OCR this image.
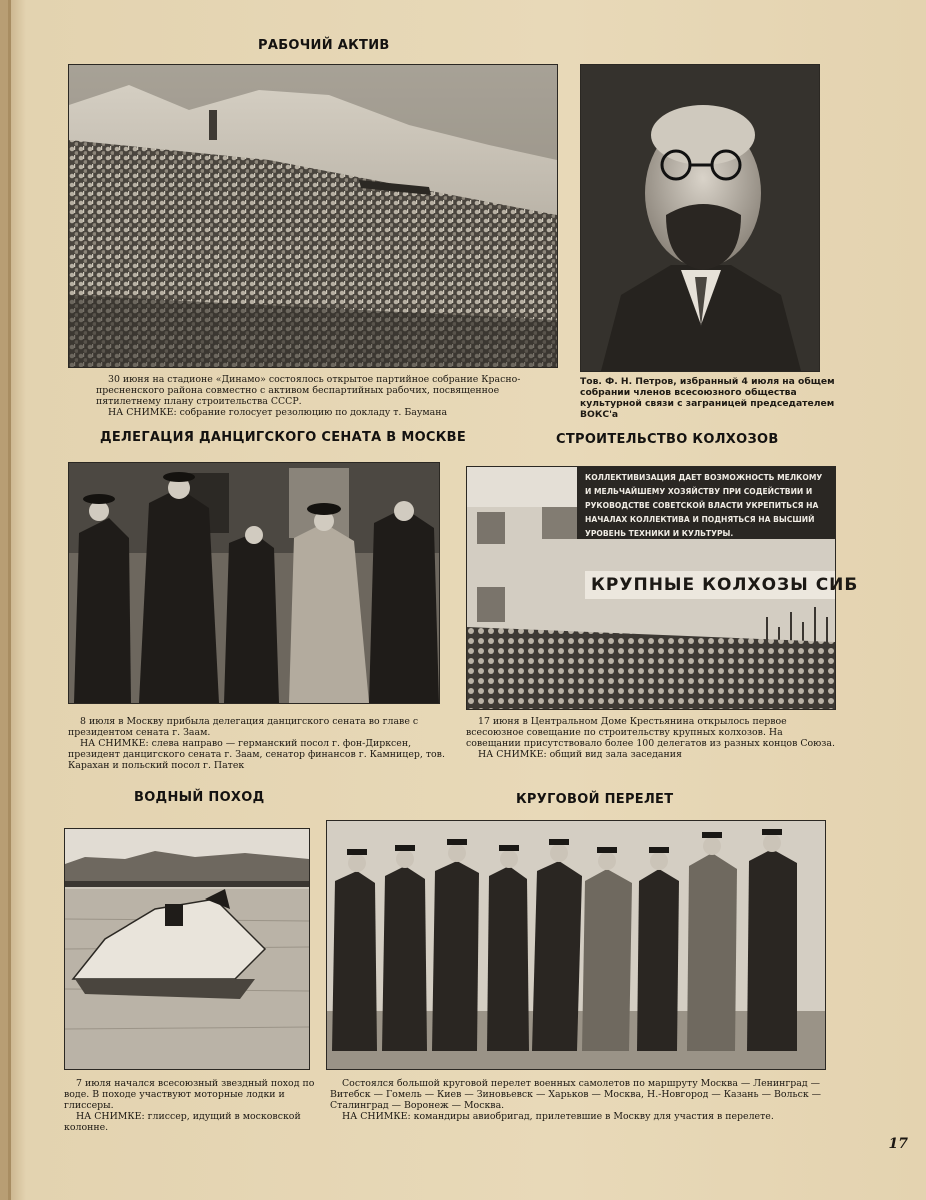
РАБОЧИЙ АКТИВ

30 июня на стадионе «Динамо» состоялось открытое партийное собрание Красно-пресненского района совместно с активом беспартийных рабочих, посвященное пятилетнему плану строительства СССР.

НА СНИМКЕ: собрание голосует резолюцию по докладу т. Баумана

Тов. Ф. Н. Петров, избранный 4 июля на общем собрании членов всесоюзного общества культурной связи с заграницей председателем ВОКС'а

ДЕЛЕГАЦИЯ ДАНЦИГСКОГО СЕНАТА В МОСКВЕ

8 июля в Москву прибыла делегация данцигского сената во главе с президентом сената г. Заам.

НА СНИМКЕ: слева направо — германский посол г. фон-Дирксен, президент данцигского сената г. Заам, сенатор финансов г. Камницер, тов. Карахан и польский посол г. Патек

СТРОИТЕЛЬСТВО КОЛХОЗОВ
КОЛЛЕКТИВИЗАЦИЯ ДАЕТ ВОЗМОЖНОСТЬ МЕЛКОМУ И МЕЛЬЧАЙШЕМУ ХОЗЯЙСТВУ ПРИ СОДЕЙСТВИИ И РУКОВОДСТВЕ СОВЕТСКОЙ ВЛАСТИ УКРЕПИТЬСЯ НА НАЧАЛАХ КОЛЛЕКТИВА И ПОДНЯТЬСЯ НА ВЫСШИЙ УРОВЕНЬ ТЕХНИКИ И КУЛЬТУРЫ.
КРУПНЫЕ КОЛХОЗЫ СИБ

17 июня в Центральном Доме Крестьянина открылось первое всесоюзное совещание по строительству крупных колхозов. На совещании присутствовало более 100 делегатов из разных концов Союза.

НА СНИМКЕ: общий вид зала заседания

ВОДНЫЙ ПОХОД

7 июля начался всесоюзный звездный поход по воде. В походе участвуют моторные лодки и глиссеры.

НА СНИМКЕ: глиссер, идущий в московской колонне.

КРУГОВОЙ ПЕРЕЛЕТ

Состоялся большой круговой перелет военных самолетов по маршруту Москва — Ленинград — Витебск — Гомель — Киев — Зиновьевск — Харьков — Москва, Н.-Новгород — Казань — Вольск — Сталинград — Воронеж — Москва.

НА СНИМКЕ: командиры авиобригад, прилетевшие в Москву для участия в перелете.

17
